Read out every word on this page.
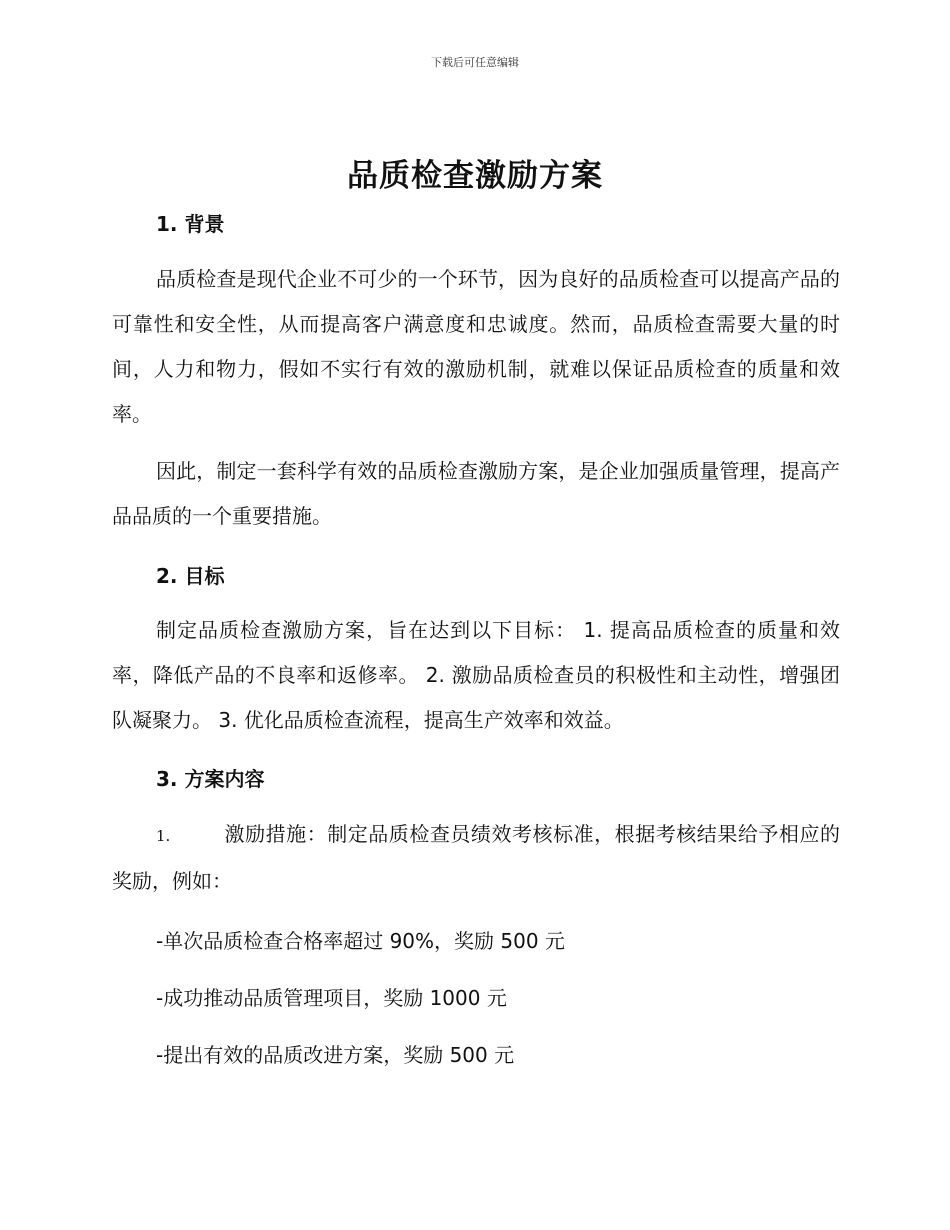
下载后可任意编辑
品质检查激励方案
1. 背景
品质检查是现代企业不可少的一个环节，因为良好的品质检查可以提高产品的可靠性和安全性，从而提高客户满意度和忠诚度。然而，品质检查需要大量的时间，人力和物力，假如不实行有效的激励机制，就难以保证品质检查的质量和效率。
因此，制定一套科学有效的品质检查激励方案，是企业加强质量管理，提高产品品质的一个重要措施。
2. 目标
制定品质检查激励方案，旨在达到以下目标： 1. 提高品质检查的质量和效率，降低产品的不良率和返修率。 2. 激励品质检查员的积极性和主动性，增强团队凝聚力。 3. 优化品质检查流程，提高生产效率和效益。
3. 方案内容
1.	激励措施：制定品质检查员绩效考核标准，根据考核结果给予相应的奖励，例如：
-单次品质检查合格率超过 90%，奖励 500 元
-成功推动品质管理项目，奖励 1000 元
-提出有效的品质改进方案，奖励 500 元
